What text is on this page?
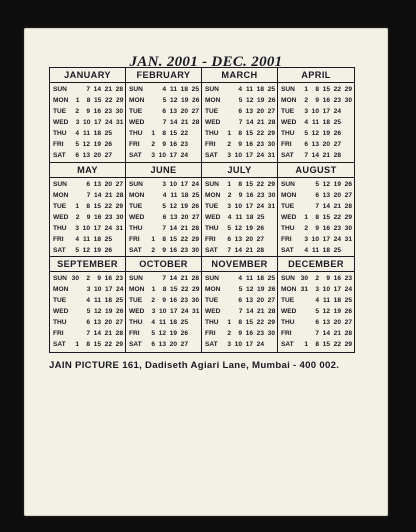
JAN. 2001 - DEC. 2001
JANUARY
SUN	7 14 21 28
MON	1	8 15 22 29
TUE	2	9 16 23 30
WED	3 10 17 24 31
THU	4 11 18 25
FRI	5 12 19 26
SAT	6 13 20 27
FEBRUARY
SUN	4 11 18 25
MON	5 12 19 26
TUE	6 13 20 27
WED	7 14 21 28
THU	1	8 15 22
FRI	2	9 16 23
SAT	3 10 17 24
MARCH
SUN	4 11 18 25
MON	5 12 19 26
TUE	6 13 20 27
WED	7 14 21 28
THU	1	8 15 22 29
FRI	2	9 16 23 30
SAT	3 10 17 24 31
APRIL
SUN	1	8 15 22 29
MON	2	9 16 23 30
TUE	3 10 17 24
WED	4 11 18 25
THU	5 12 19 26
FRI	6 13 20 27
SAT	7 14 21 28
MAY
SUN	6 13 20 27
MON	7 14 21 28
TUE	1	8 15 22 29
WED	2	9 16 23 30
THU	3 10 17 24 31
FRI	4 11 18 25
SAT	5 12 19 26
JUNE
SUN	3 10 17 24
MON	4 11 18 25
TUE	5 12 19 26
WED	6 13 20 27
THU	7 14 21 28
FRI	1	8 15 22 29
SAT	2	9 16 23 30
JULY
SUN	1	8 15 22 29
MON	2	9 16 23 30
TUE	3 10 17 24 31
WED	4 11 18 25
THU	5 12 19 26
FRI	6 13 20 27
SAT	7 14 21 28
AUGUST
SUN	5 12 19 26
MON	6 13 20 27
TUE	7 14 21 28
WED	1	8 15 22 29
THU	2	9 16 23 30
FRI	3 10 17 24 31
SAT	4 11 18 25
SEPTEMBER
SUN 30	2	9 16 23
MON	3 10 17 24
TUE	4 11 18 25
WED	5 12 19 26
THU	6 13 20 27
FRI	7 14 21 28
SAT	1	8 15 22 29
OCTOBER
SUN	7 14 21 28
MON	1	8 15 22 29
TUE	2	9 16 23 30
WED	3 10 17 24 31
THU	4 11 18 25
FRI	5 12 19 26
SAT	6 13 20 27
NOVEMBER
SUN	4 11 18 25
MON	5 12 19 26
TUE	6 13 20 27
WED	7 14 21 28
THU	1	8 15 22 29
FRI	2	9 16 23 30
SAT	3 10 17 24
DECEMBER
SUN 30	2	9 16 23
MON 31	3 10 17 24
TUE	4 11 18 25
WED	5 12 19 26
THU	6 13 20 27
FRI	7 14 21 28
SAT	1	8 15 22 29
JAIN PICTURE 161, Dadiseth Agiari Lane, Mumbai - 400 002.
